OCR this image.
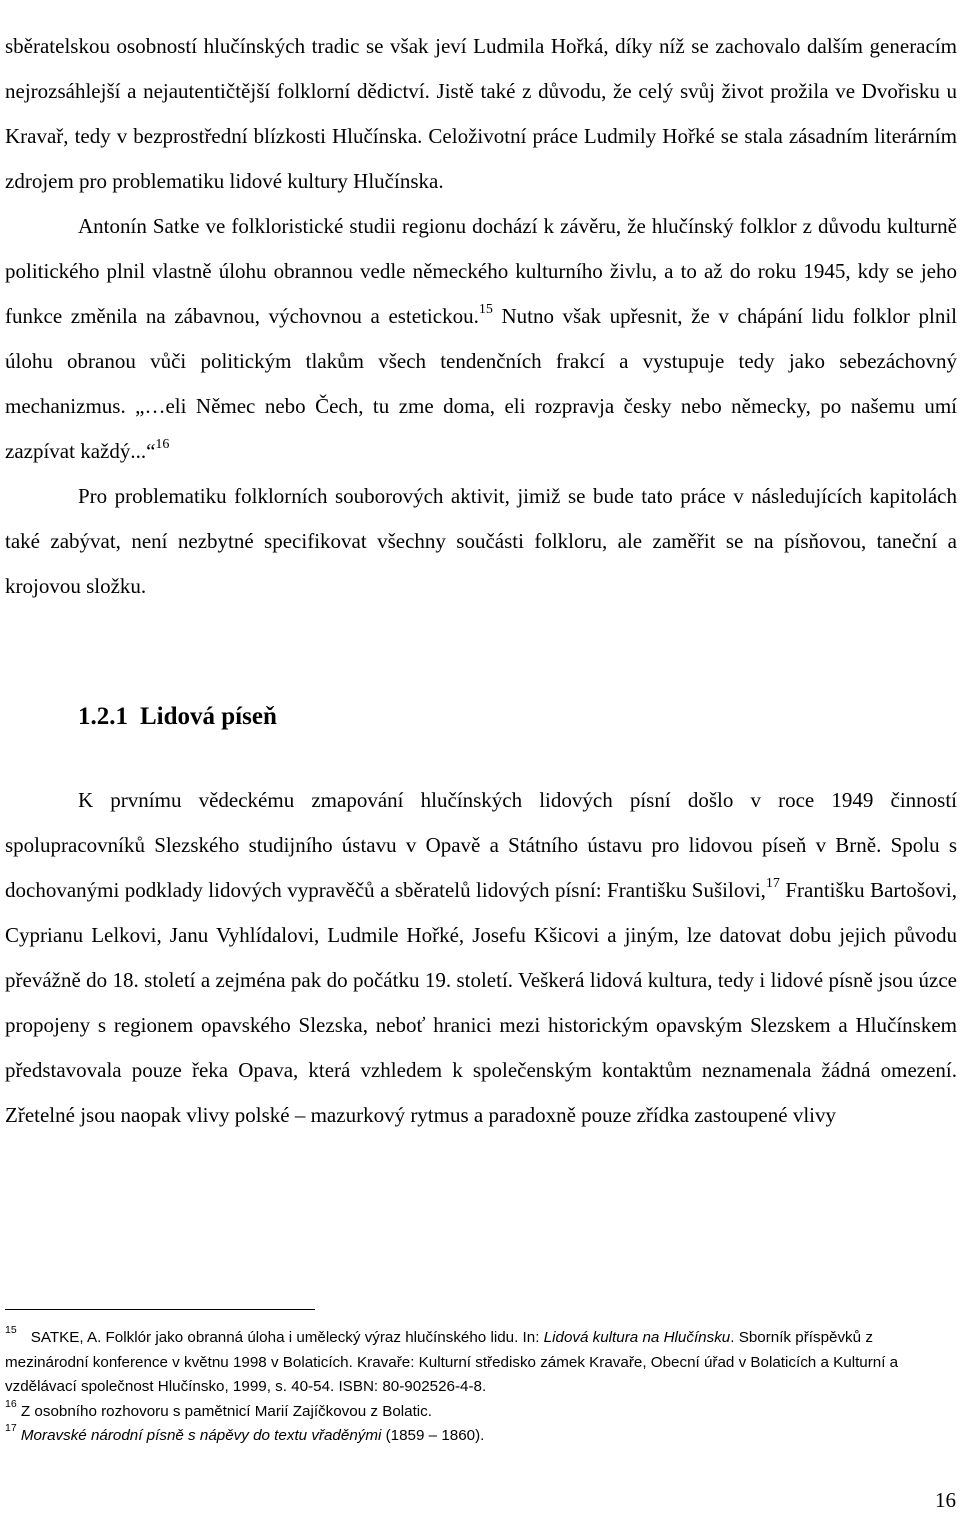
sběratelskou osobností hlučínských tradic se však jeví Ludmila Hořká, díky níž se zachovalo dalším generacím nejrozsáhlejší a nejautentičtější folklorní dědictví. Jistě také z důvodu, že celý svůj život prožila ve Dvořisku u Kravař, tedy v bezprostřední blízkosti Hlučínska. Celoživotní práce Ludmily Hořké se stala zásadním literárním zdrojem pro problematiku lidové kultury Hlučínska.

Antonín Satke ve folkloristické studii regionu dochází k závěru, že hlučínský folklor z důvodu kulturně politického plnil vlastně úlohu obrannou vedle německého kulturního živlu, a to až do roku 1945, kdy se jeho funkce změnila na zábavnou, výchovnou a estetickou.$^{15}$ Nutno však upřesnit, že v chápání lidu folklor plnil úlohu obranou vůči politickým tlakům všech tendenčních frakcí a vystupuje tedy jako sebezáchovný mechanizmus. „…eli Němec nebo Čech, tu zme doma, eli rozpravja česky nebo německy, po našemu umí zazpívat každý...“$^{16}$

Pro problematiku folklorních souborových aktivit, jimiž se bude tato práce v následujících kapitolách také zabývat, není nezbytné specifikovat všechny součásti folkloru, ale zaměřit se na písňovou, taneční a krojovou složku.

1.2.1 Lidová píseň

K prvnímu vědeckému zmapování hlučínských lidových písní došlo v roce 1949 činností spolupracovníků Slezského studijního ústavu v Opavě a Státního ústavu pro lidovou píseň v Brně. Spolu s dochovanými podklady lidových vypravěčů a sběratelů lidových písní: Františku Sušilovi,$^{17}$ Františku Bartošovi, Cyprianu Lelkovi, Janu Vyhlídalovi, Ludmile Hořké, Josefu Kšicovi a jiným, lze datovat dobu jejich původu převážně do 18. století a zejména pak do počátku 19. století. Veškerá lidová kultura, tedy i lidové písně jsou úzce propojeny s regionem opavského Slezska, neboť hranici mezi historickým opavským Slezskem a Hlučínskem představovala pouze řeka Opava, která vzhledem k společenským kontaktům neznamenala žádná omezení. Zřetelné jsou naopak vlivy polské – mazurkový rytmus a paradoxně pouze zřídka zastoupené vlivy

$^{15}$ SATKE, A. Folklór jako obranná úloha i umělecký výraz hlučínského lidu. In: Lidová kultura na Hlučínsku. Sborník příspěvků z mezinárodní konference v květnu 1998 v Bolaticích. Kravaře: Kulturní středisko zámek Kravaře, Obecní úřad v Bolaticích a Kulturní a vzdělávací společnost Hlučínsko, 1999, s. 40-54. ISBN: 80-902526-4-8.

$^{16}$ Z osobního rozhovoru s pamětnicí Marií Zajíčkovou z Bolatic.

$^{17}$ Moravské národní písně s nápěvy do textu vřaděnými (1859 – 1860).

16
